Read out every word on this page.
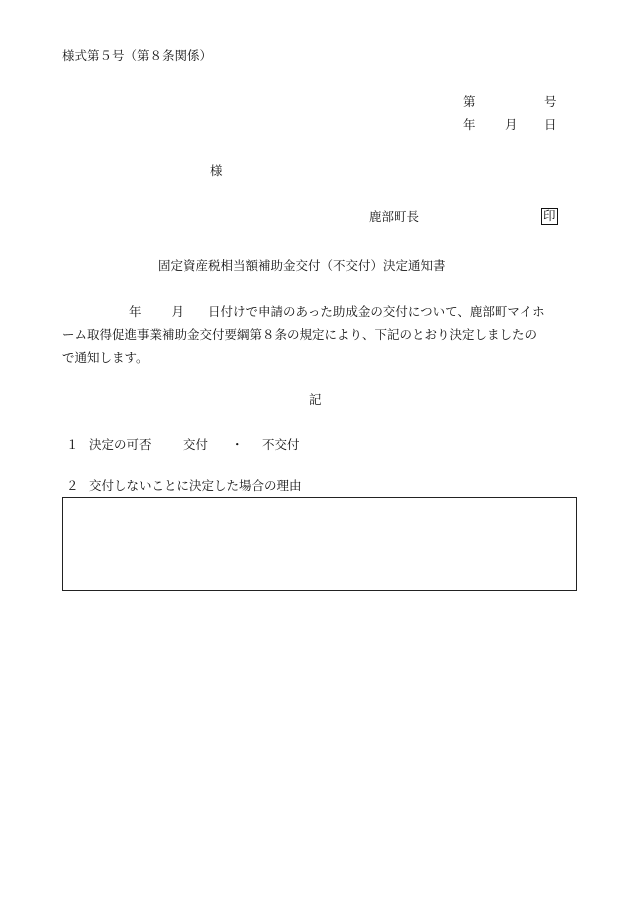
様式第５号（第８条関係）
第	号
年 月 日
様
鹿部町長	印
固定資産税相当額補助金交付（不交付）決定通知書
年 月 日付けで申請のあった助成金の交付について、鹿部町マイホ
ーム取得促進事業補助金交付要綱第８条の規定により、下記のとおり決定しましたの
で通知します。
記
１ 決定の可否	交付 ・ 不交付
２ 交付しないことに決定した場合の理由
